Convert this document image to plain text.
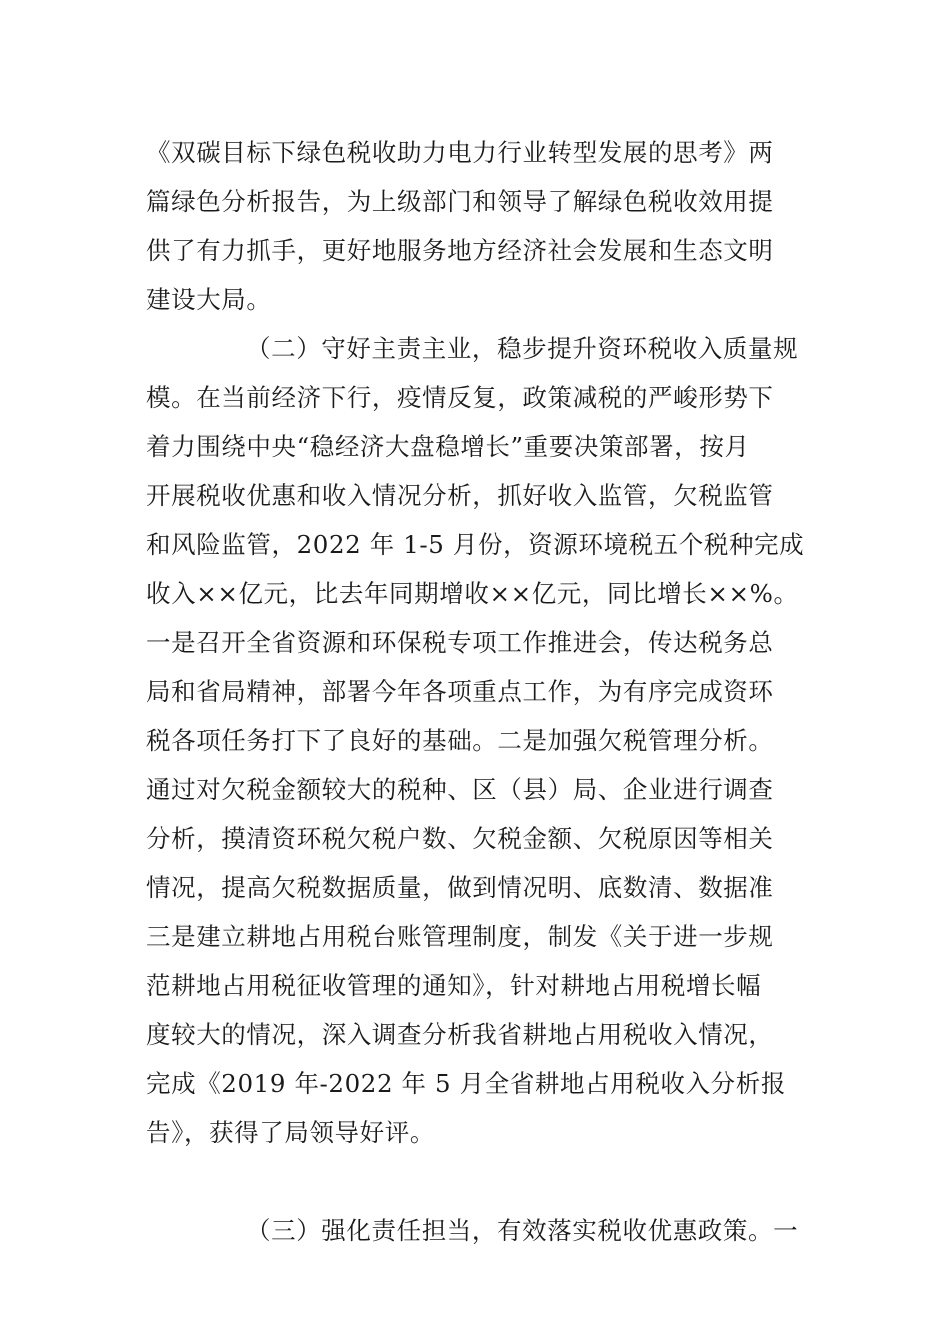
《双碳目标下绿色税收助力电力行业转型发展的思考》两
篇绿色分析报告，为上级部门和领导了解绿色税收效用提
供了有力抓手，更好地服务地方经济社会发展和生态文明
建设大局。
（二）守好主责主业，稳步提升资环税收入质量规
模。在当前经济下行，疫情反复，政策减税的严峻形势下
着力围绕中央“稳经济大盘稳增长”重要决策部署，按月
开展税收优惠和收入情况分析，抓好收入监管，欠税监管
和风险监管，2022 年 1-5 月份，资源环境税五个税种完成
收入××亿元，比去年同期增收××亿元，同比增长××%。
一是召开全省资源和环保税专项工作推进会，传达税务总
局和省局精神，部署今年各项重点工作，为有序完成资环
税各项任务打下了良好的基础。二是加强欠税管理分析。
通过对欠税金额较大的税种、区（县）局、企业进行调查
分析，摸清资环税欠税户数、欠税金额、欠税原因等相关
情况，提高欠税数据质量，做到情况明、底数清、数据准
三是建立耕地占用税台账管理制度，制发《关于进一步规
范耕地占用税征收管理的通知》，针对耕地占用税增长幅
度较大的情况，深入调查分析我省耕地占用税收入情况，
完成《2019 年-2022 年 5 月全省耕地占用税收入分析报
告》，获得了局领导好评。
（三）强化责任担当，有效落实税收优惠政策。一
